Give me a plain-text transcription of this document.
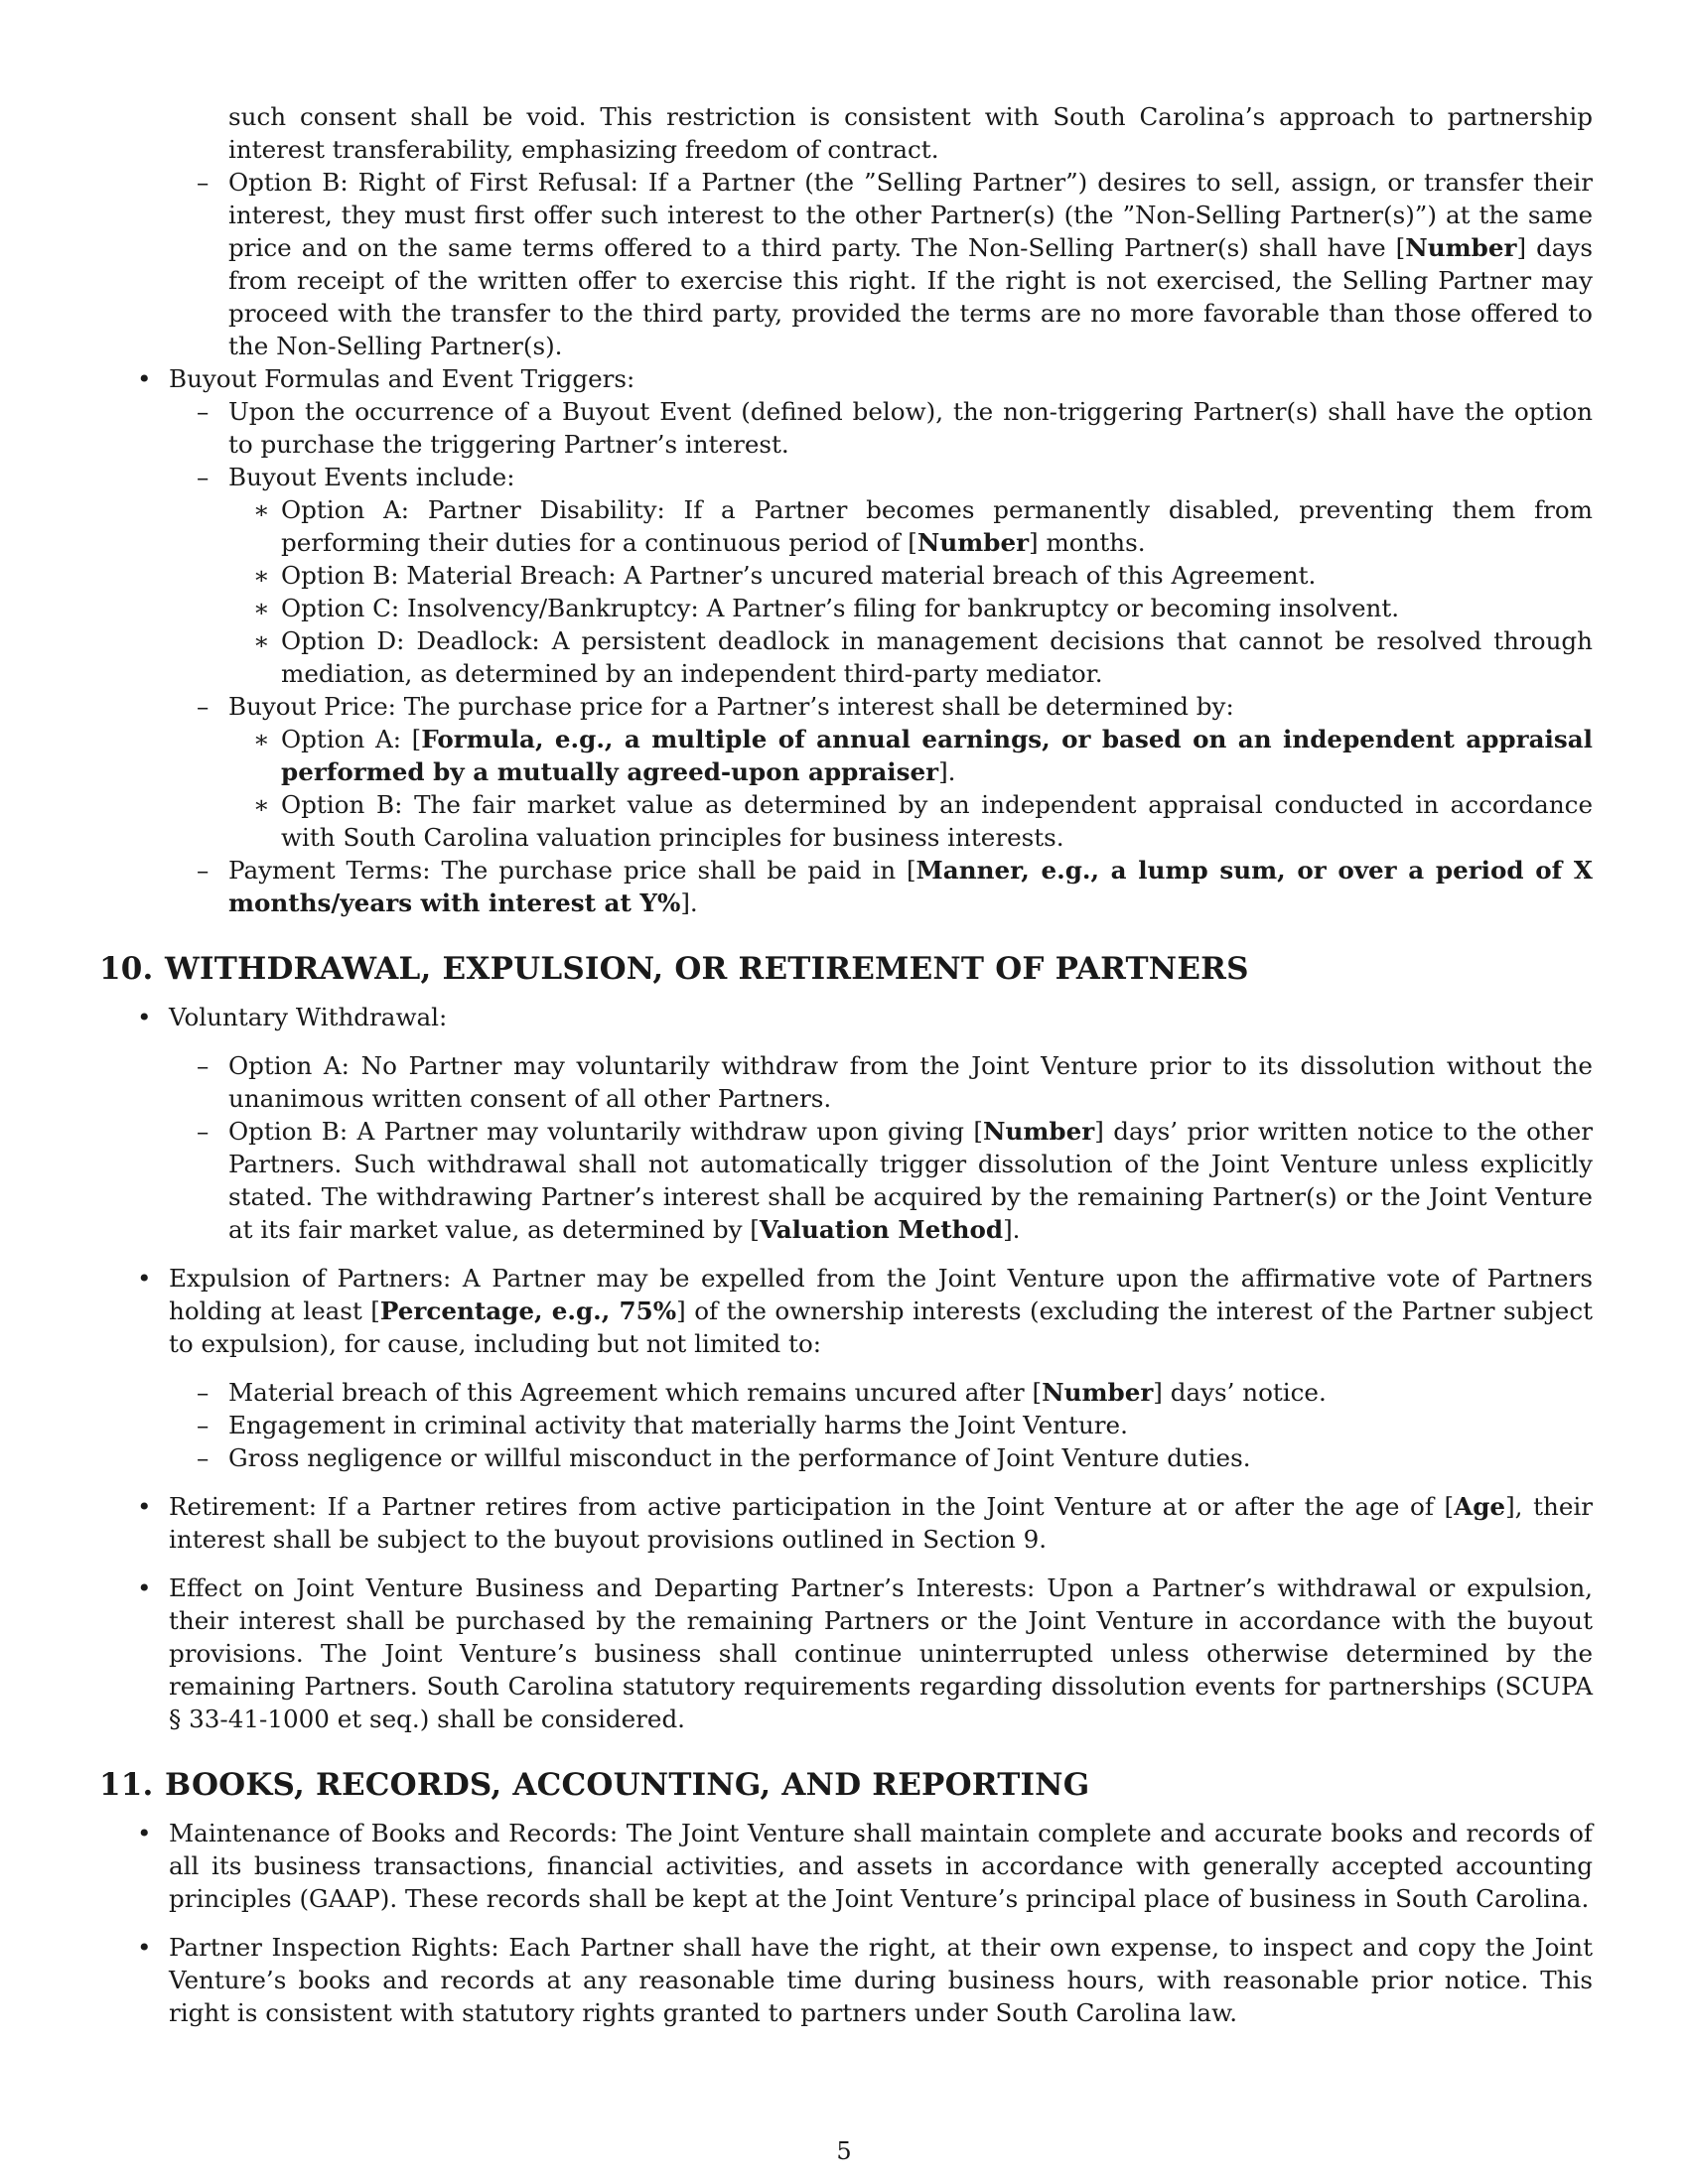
such consent shall be void. This restriction is consistent with South Carolina’s approach to partnership interest transferability, emphasizing freedom of contract.

– Option B: Right of First Refusal: If a Partner (the ”Selling Partner”) desires to sell, assign, or transfer their interest, they must first offer such interest to the other Partner(s) (the ”Non-Selling Partner(s)”) at the same price and on the same terms offered to a third party. The Non-Selling Partner(s) shall have [Number] days from receipt of the written offer to exercise this right. If the right is not exercised, the Selling Partner may proceed with the transfer to the third party, provided the terms are no more favorable than those offered to the Non-Selling Partner(s).

• Buyout Formulas and Event Triggers:

– Upon the occurrence of a Buyout Event (defined below), the non-triggering Partner(s) shall have the option to purchase the triggering Partner’s interest.

– Buyout Events include:

∗ Option A: Partner Disability: If a Partner becomes permanently disabled, preventing them from performing their duties for a continuous period of [Number] months.

∗ Option B: Material Breach: A Partner’s uncured material breach of this Agreement.

∗ Option C: Insolvency/Bankruptcy: A Partner’s filing for bankruptcy or becoming insolvent.

∗ Option D: Deadlock: A persistent deadlock in management decisions that cannot be resolved through mediation, as determined by an independent third-party mediator.

– Buyout Price: The purchase price for a Partner’s interest shall be determined by:

∗ Option A: [Formula, e.g., a multiple of annual earnings, or based on an independent appraisal performed by a mutually agreed-upon appraiser].

∗ Option B: The fair market value as determined by an independent appraisal conducted in accordance with South Carolina valuation principles for business interests.

– Payment Terms: The purchase price shall be paid in [Manner, e.g., a lump sum, or over a period of X months/years with interest at Y%].

10. WITHDRAWAL, EXPULSION, OR RETIREMENT OF PARTNERS

• Voluntary Withdrawal:

– Option A: No Partner may voluntarily withdraw from the Joint Venture prior to its dissolution without the unanimous written consent of all other Partners.

– Option B: A Partner may voluntarily withdraw upon giving [Number] days’ prior written notice to the other Partners. Such withdrawal shall not automatically trigger dissolution of the Joint Venture unless explicitly stated. The withdrawing Partner’s interest shall be acquired by the remaining Partner(s) or the Joint Venture at its fair market value, as determined by [Valuation Method].

• Expulsion of Partners: A Partner may be expelled from the Joint Venture upon the affirmative vote of Partners holding at least [Percentage, e.g., 75%] of the ownership interests (excluding the interest of the Partner subject to expulsion), for cause, including but not limited to:

– Material breach of this Agreement which remains uncured after [Number] days’ notice.

– Engagement in criminal activity that materially harms the Joint Venture.

– Gross negligence or willful misconduct in the performance of Joint Venture duties.

• Retirement: If a Partner retires from active participation in the Joint Venture at or after the age of [Age], their interest shall be subject to the buyout provisions outlined in Section 9.

• Effect on Joint Venture Business and Departing Partner’s Interests: Upon a Partner’s withdrawal or expulsion, their interest shall be purchased by the remaining Partners or the Joint Venture in accordance with the buyout provisions. The Joint Venture’s business shall continue uninterrupted unless otherwise determined by the remaining Partners. South Carolina statutory requirements regarding dissolution events for partnerships (SCUPA § 33-41-1000 et seq.) shall be considered.

11. BOOKS, RECORDS, ACCOUNTING, AND REPORTING

• Maintenance of Books and Records: The Joint Venture shall maintain complete and accurate books and records of all its business transactions, financial activities, and assets in accordance with generally accepted accounting principles (GAAP). These records shall be kept at the Joint Venture’s principal place of business in South Carolina.

• Partner Inspection Rights: Each Partner shall have the right, at their own expense, to inspect and copy the Joint Venture’s books and records at any reasonable time during business hours, with reasonable prior notice. This right is consistent with statutory rights granted to partners under South Carolina law.

5
